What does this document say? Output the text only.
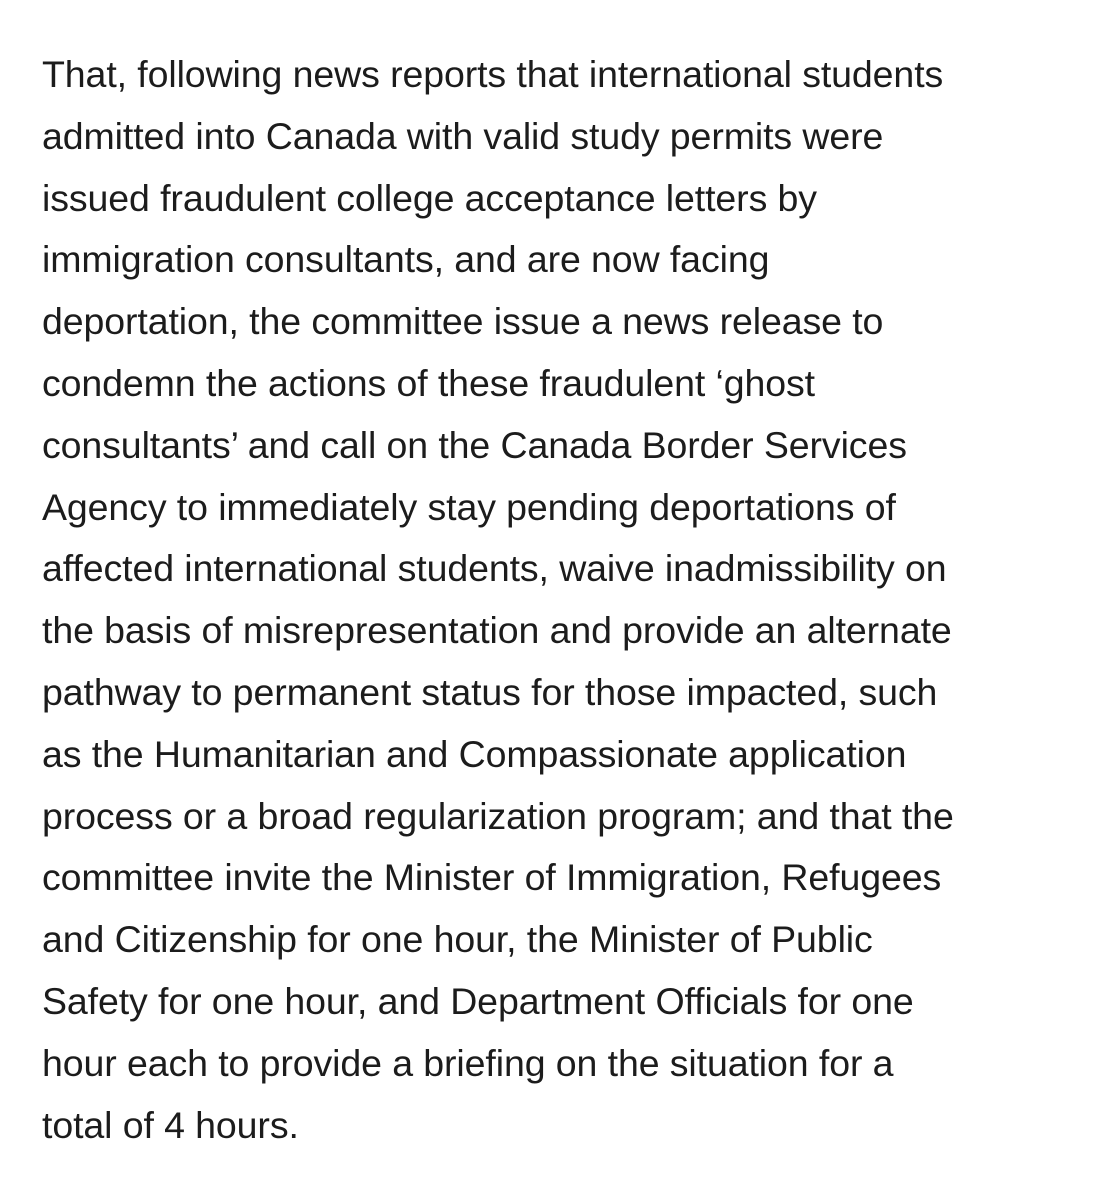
That, following news reports that international students
admitted into Canada with valid study permits were
issued fraudulent college acceptance letters by
immigration consultants, and are now facing
deportation, the committee issue a news release to
condemn the actions of these fraudulent ‘ghost
consultants’ and call on the Canada Border Services
Agency to immediately stay pending deportations of
affected international students, waive inadmissibility on
the basis of misrepresentation and provide an alternate
pathway to permanent status for those impacted, such
as the Humanitarian and Compassionate application
process or a broad regularization program; and that the
committee invite the Minister of Immigration, Refugees
and Citizenship for one hour, the Minister of Public
Safety for one hour, and Department Officials for one
hour each to provide a briefing on the situation for a
total of 4 hours.
